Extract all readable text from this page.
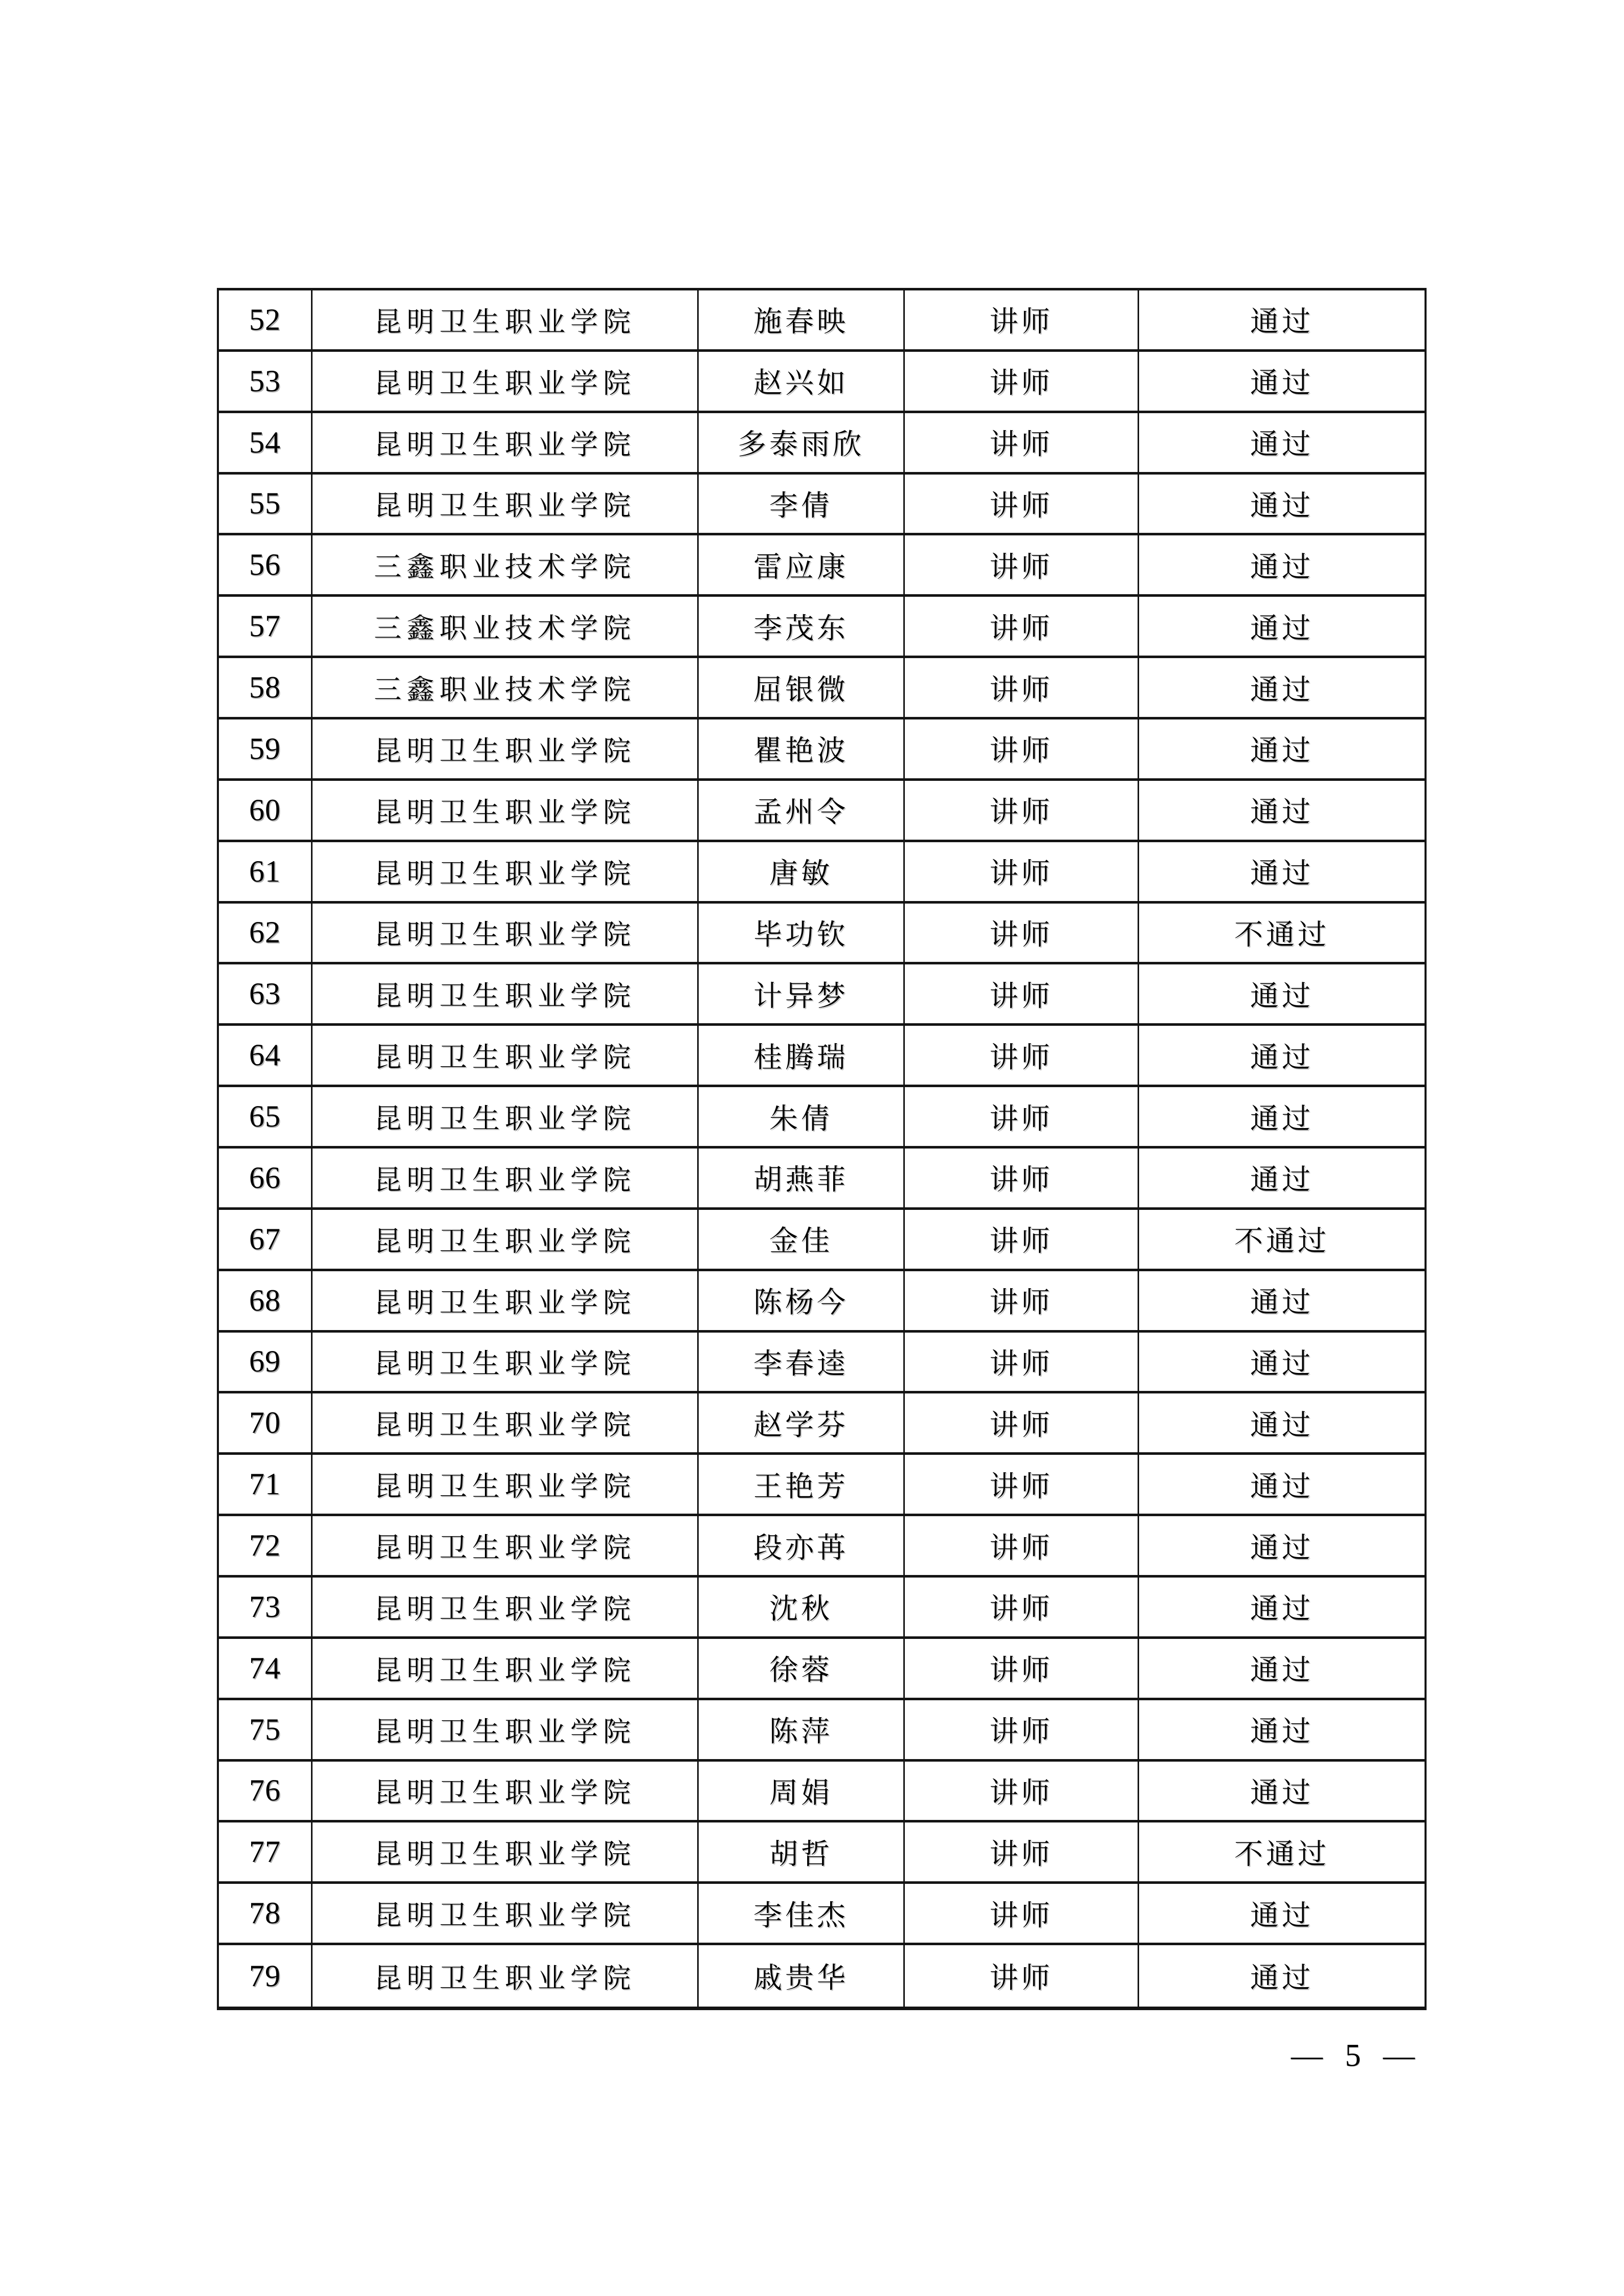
52	昆明卫生职业学院	施春映	讲师	通过
53	昆明卫生职业学院	赵兴如	讲师	通过
54	昆明卫生职业学院	多泰雨欣	讲师	通过
55	昆明卫生职业学院	李倩	讲师	通过
56	三鑫职业技术学院	雷应康	讲师	通过
57	三鑫职业技术学院	李茂东	讲师	通过
58	三鑫职业技术学院	屈银微	讲师	通过
59	昆明卫生职业学院	瞿艳波	讲师	通过
60	昆明卫生职业学院	孟州令	讲师	通过
61	昆明卫生职业学院	唐敏	讲师	通过
62	昆明卫生职业学院	毕功钦	讲师	不通过
63	昆明卫生职业学院	计异梦	讲师	通过
64	昆明卫生职业学院	桂腾瑞	讲师	通过
65	昆明卫生职业学院	朱倩	讲师	通过
66	昆明卫生职业学院	胡燕菲	讲师	通过
67	昆明卫生职业学院	金佳	讲师	不通过
68	昆明卫生职业学院	陈杨今	讲师	通过
69	昆明卫生职业学院	李春逵	讲师	通过
70	昆明卫生职业学院	赵学芬	讲师	通过
71	昆明卫生职业学院	王艳芳	讲师	通过
72	昆明卫生职业学院	段亦苒	讲师	通过
73	昆明卫生职业学院	沈秋	讲师	通过
74	昆明卫生职业学院	徐蓉	讲师	通过
75	昆明卫生职业学院	陈萍	讲师	通过
76	昆明卫生职业学院	周娟	讲师	通过
77	昆明卫生职业学院	胡哲	讲师	不通过
78	昆明卫生职业学院	李佳杰	讲师	通过
79	昆明卫生职业学院	戚贵华	讲师	通过
— 5 —
